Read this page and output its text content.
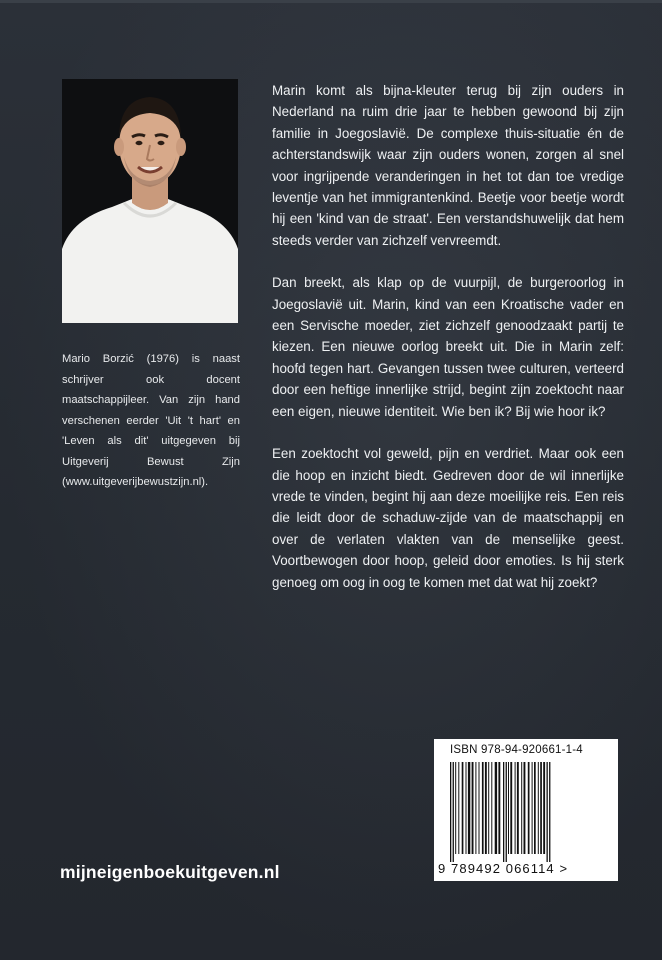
Mario Borzić (1976) is naast schrijver ook docent maatschappijleer. Van zijn hand verschenen eerder 'Uit 't hart' en 'Leven als dit' uitgegeven bij Uitgeverij Bewust Zijn (www.uitgeverijbewustzijn.nl).

Marin komt als bijna-kleuter terug bij zijn ouders in Nederland na ruim drie jaar te hebben gewoond bij zijn familie in Joegoslavië. De complexe thuis-situatie én de achterstandswijk waar zijn ouders wonen, zorgen al snel voor ingrijpende veranderingen in het tot dan toe vredige leventje van het immigrantenkind. Beetje voor beetje wordt hij een 'kind van de straat'. Een verstandshuwelijk dat hem steeds verder van zichzelf vervreemdt.

Dan breekt, als klap op de vuurpijl, de burgeroorlog in Joegoslavië uit. Marin, kind van een Kroatische vader en een Servische moeder, ziet zichzelf genoodzaakt partij te kiezen. Een nieuwe oorlog breekt uit. Die in Marin zelf: hoofd tegen hart. Gevangen tussen twee culturen, verteerd door een heftige innerlijke strijd, begint zijn zoektocht naar een eigen, nieuwe identiteit. Wie ben ik? Bij wie hoor ik?

Een zoektocht vol geweld, pijn en verdriet. Maar ook een die hoop en inzicht biedt. Gedreven door de wil innerlijke vrede te vinden, begint hij aan deze moeilijke reis. Een reis die leidt door de schaduw-zijde van de maatschappij en over de verlaten vlakten van de menselijke geest. Voortbewogen door hoop, geleid door emoties. Is hij sterk genoeg om oog in oog te komen met dat wat hij zoekt?

ISBN 978-94-920661-1-4
9 789492 066114 >
mijneigenboekuitgeven.nl
